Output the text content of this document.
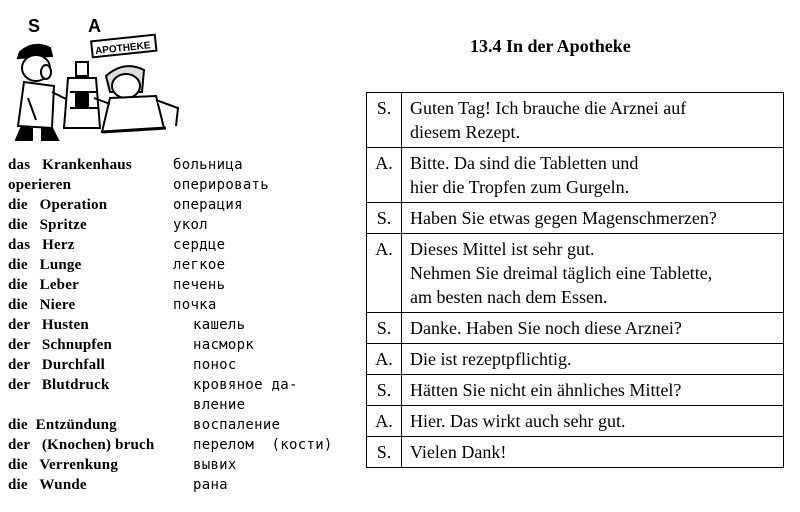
S	A
APOTHEKE
das   Krankenhaus	больница
operieren	оперировать
die   Operation	операция
die   Spritze	укол
das   Herz	сердце
die   Lunge	легкое
die   Leber	печень
die   Niere	почка
der   Husten	кашель
der   Schnupfen	насморк
der   Durchfall	понос
der   Blutdruck	кровяное да-
вление
die  Entzündung	воспаление
der   (Knochen) bruch	перелом  (кости)
die   Verrenkung	вывих
die   Wunde	рана
13.4 In der Apotheke
S.	Guten Tag! Ich brauche die Arznei auf
diesem Rezept.

A.	Bitte. Da sind die Tabletten und
hier die Tropfen zum Gurgeln.

S.	Haben Sie etwas gegen Magenschmerzen?

A.	Dieses Mittel ist sehr gut.
Nehmen Sie dreimal täglich eine Tablette,
am besten nach dem Essen.

S.	Danke. Haben Sie noch diese Arznei?

A.	Die ist rezeptpflichtig.

S.	Hätten Sie nicht ein ähnliches Mittel?

A.	Hier. Das wirkt auch sehr gut.

S.	Vielen Dank!
